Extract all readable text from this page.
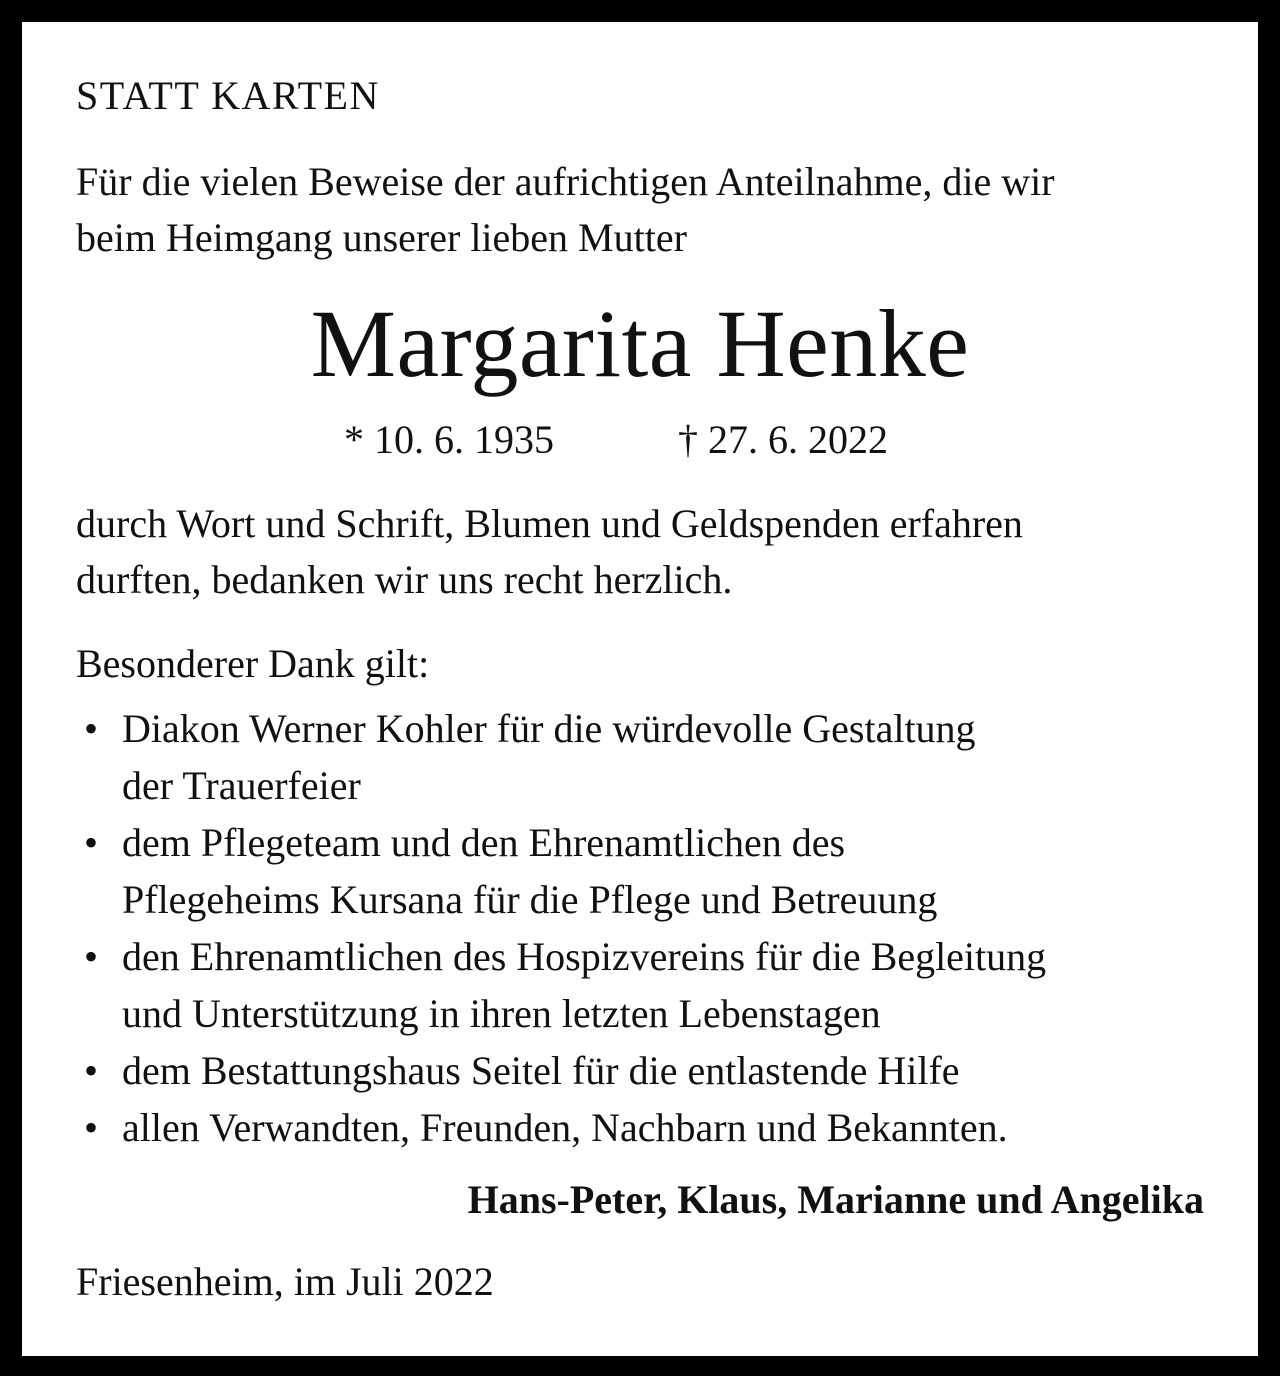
STATT KARTEN
Für die vielen Beweise der aufrichtigen Anteilnahme, die wir
beim Heimgang unserer lieben Mutter
Margarita Henke
* 10. 6. 1935	† 27. 6. 2022
durch Wort und Schrift, Blumen und Geldspenden erfahren
durften, bedanken wir uns recht herzlich.
Besonderer Dank gilt:
• Diakon Werner Kohler für die würdevolle Gestaltung
der Trauerfeier
• dem Pflegeteam und den Ehrenamtlichen des
Pflegeheims Kursana für die Pflege und Betreuung
• den Ehrenamtlichen des Hospizvereins für die Begleitung
und Unterstützung in ihren letzten Lebenstagen
• dem Bestattungshaus Seitel für die entlastende Hilfe
• allen Verwandten, Freunden, Nachbarn und Bekannten.
Hans-Peter, Klaus, Marianne und Angelika
Friesenheim, im Juli 2022
